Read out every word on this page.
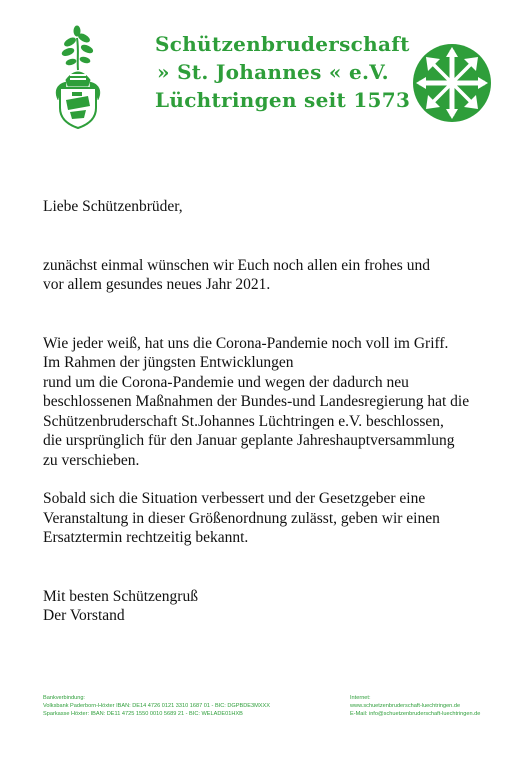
Schützenbruderschaft
» St. Johannes « e.V.
Lüchtringen seit 1573

Liebe Schützenbrüder,

zunächst einmal wünschen wir Euch noch allen ein frohes und
vor allem gesundes neues Jahr 2021.

Wie jeder weiß, hat uns die Corona-Pandemie noch voll im Griff.
Im Rahmen der jüngsten Entwicklungen
rund um die Corona-Pandemie und wegen der dadurch neu
beschlossenen Maßnahmen der Bundes-und Landesregierung hat die
Schützenbruderschaft St.Johannes Lüchtringen e.V. beschlossen,
die ursprünglich für den Januar geplante Jahreshauptversammlung
zu verschieben.

Sobald sich die Situation verbessert und der Gesetzgeber eine
Veranstaltung in dieser Größenordnung zulässt, geben wir einen
Ersatztermin rechtzeitig bekannt.

Mit besten Schützengruß

Der Vorstand

Bankverbindung:
Volksbank Paderborn-Höxter IBAN: DE14 4726 0121 3310 1687 01 - BIC: DGPBDE3MXXX
Sparkasse Höxter: IBAN: DE11 4725 1550 0010 5689 21 - BIC: WELADE01HXB
Internet:
www.schuetzenbruderschaft-luechtringen.de
E-Mail: info@schuetzenbruderschaft-luechtringen.de
